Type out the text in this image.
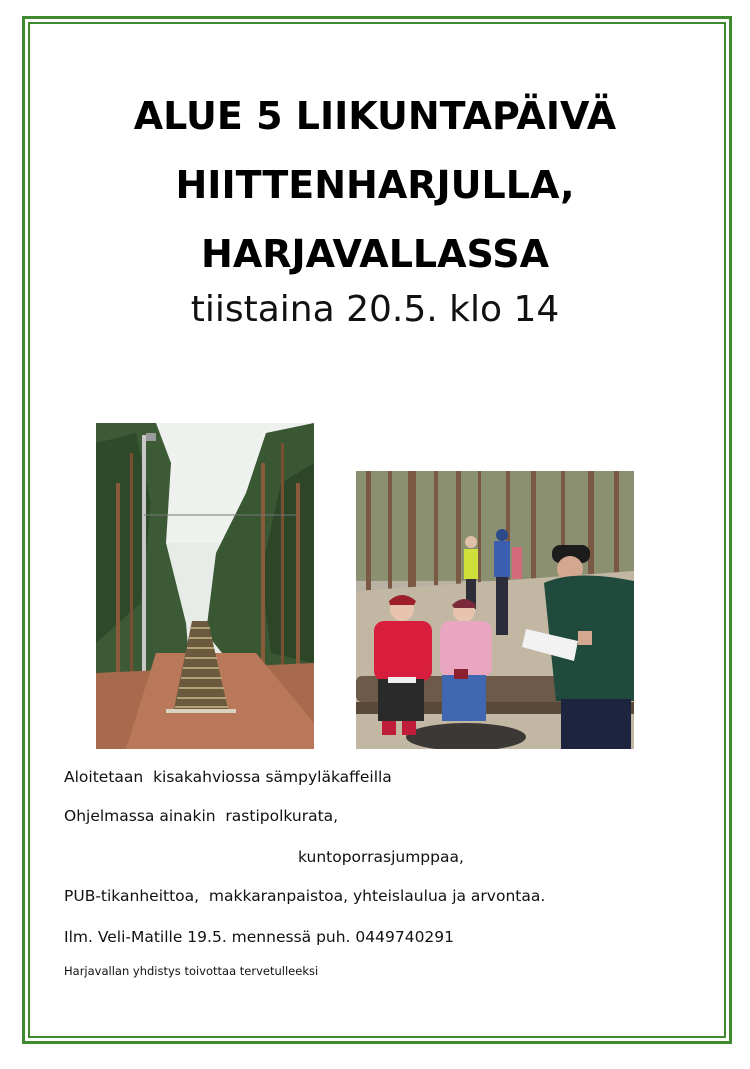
ALUE 5 LIIKUNTAPÄIVÄ
HIITTENHARJULLA,
HARJAVALLASSA

tiistaina 20.5. klo 14

Aloitetaan  kisakahviossa sämpyläkaffeilla

Ohjelmassa ainakin  rastipolkurata,

kuntoporrasjumppaa,

PUB-tikanheittoa,  makkaranpaistoa, yhteislaulua ja arvontaa.

Ilm. Veli-Matille 19.5. mennessä puh. 0449740291

Harjavallan yhdistys toivottaa tervetulleeksi
